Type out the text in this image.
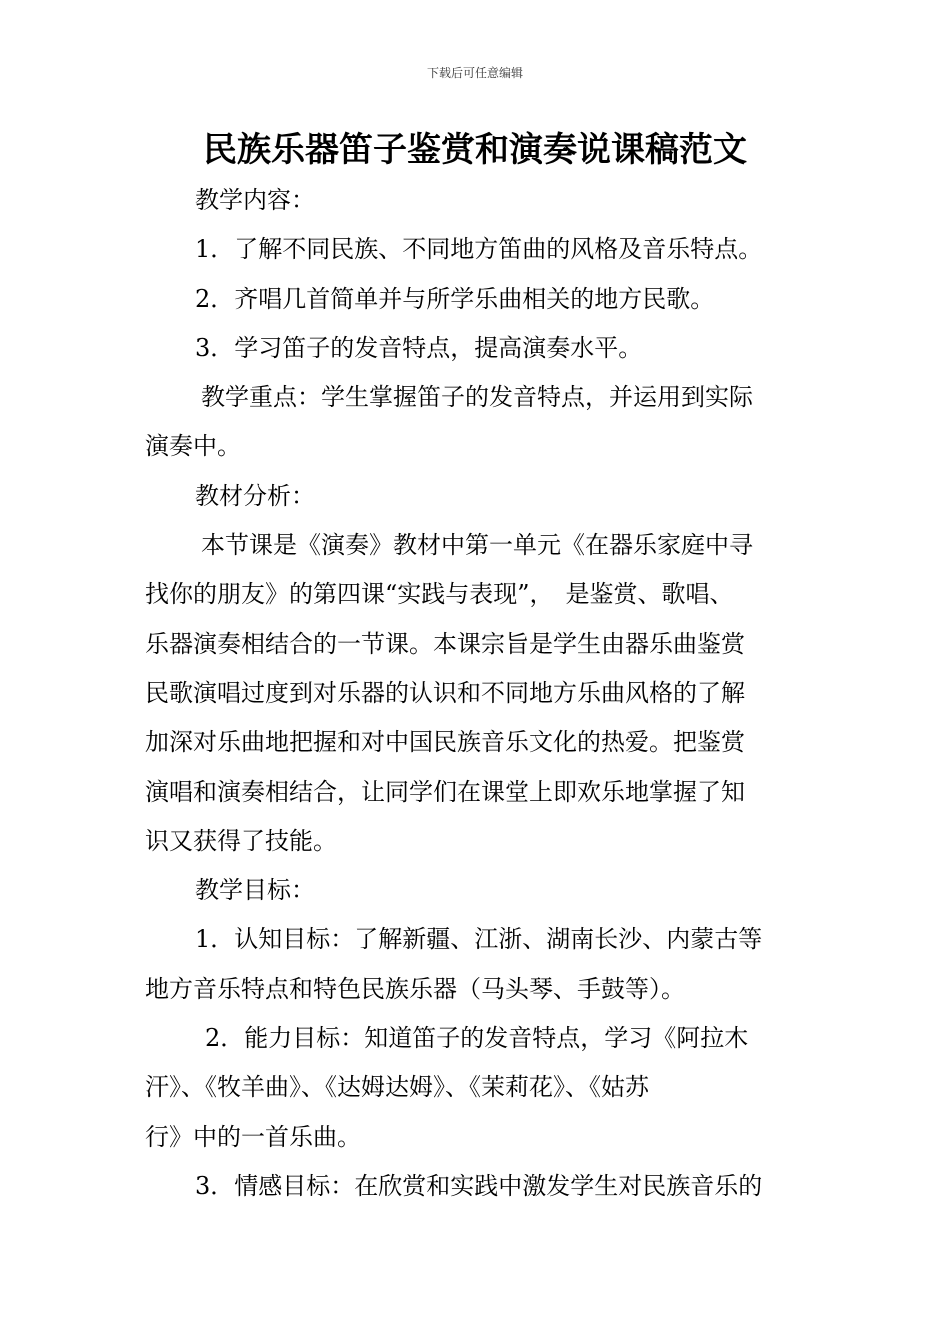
下载后可任意编辑
民族乐器笛子鉴赏和演奏说课稿范文

教学内容：

1．了解不同民族、不同地方笛曲的风格及音乐特点。

2．齐唱几首简单并与所学乐曲相关的地方民歌。

3．学习笛子的发音特点，提高演奏水平。

教学重点：学生掌握笛子的发音特点，并运用到实际

演奏中。

教材分析：

本节课是《演奏》教材中第一单元《在器乐家庭中寻

找你的朋友》的第四课“实践与表现”，　是鉴赏、歌唱、

乐器演奏相结合的一节课。本课宗旨是学生由器乐曲鉴赏

民歌演唱过度到对乐器的认识和不同地方乐曲风格的了解

加深对乐曲地把握和对中国民族音乐文化的热爱。把鉴赏

演唱和演奏相结合，让同学们在课堂上即欢乐地掌握了知

识又获得了技能。

教学目标：

1．认知目标：了解新疆、江浙、湖南长沙、内蒙古等

地方音乐特点和特色民族乐器（马头琴、手鼓等）。

2．能力目标：知道笛子的发音特点，学习《阿拉木

汗》、《牧羊曲》、《达姆达姆》、《茉莉花》、《姑苏

行》中的一首乐曲。

3．情感目标：在欣赏和实践中激发学生对民族音乐的
